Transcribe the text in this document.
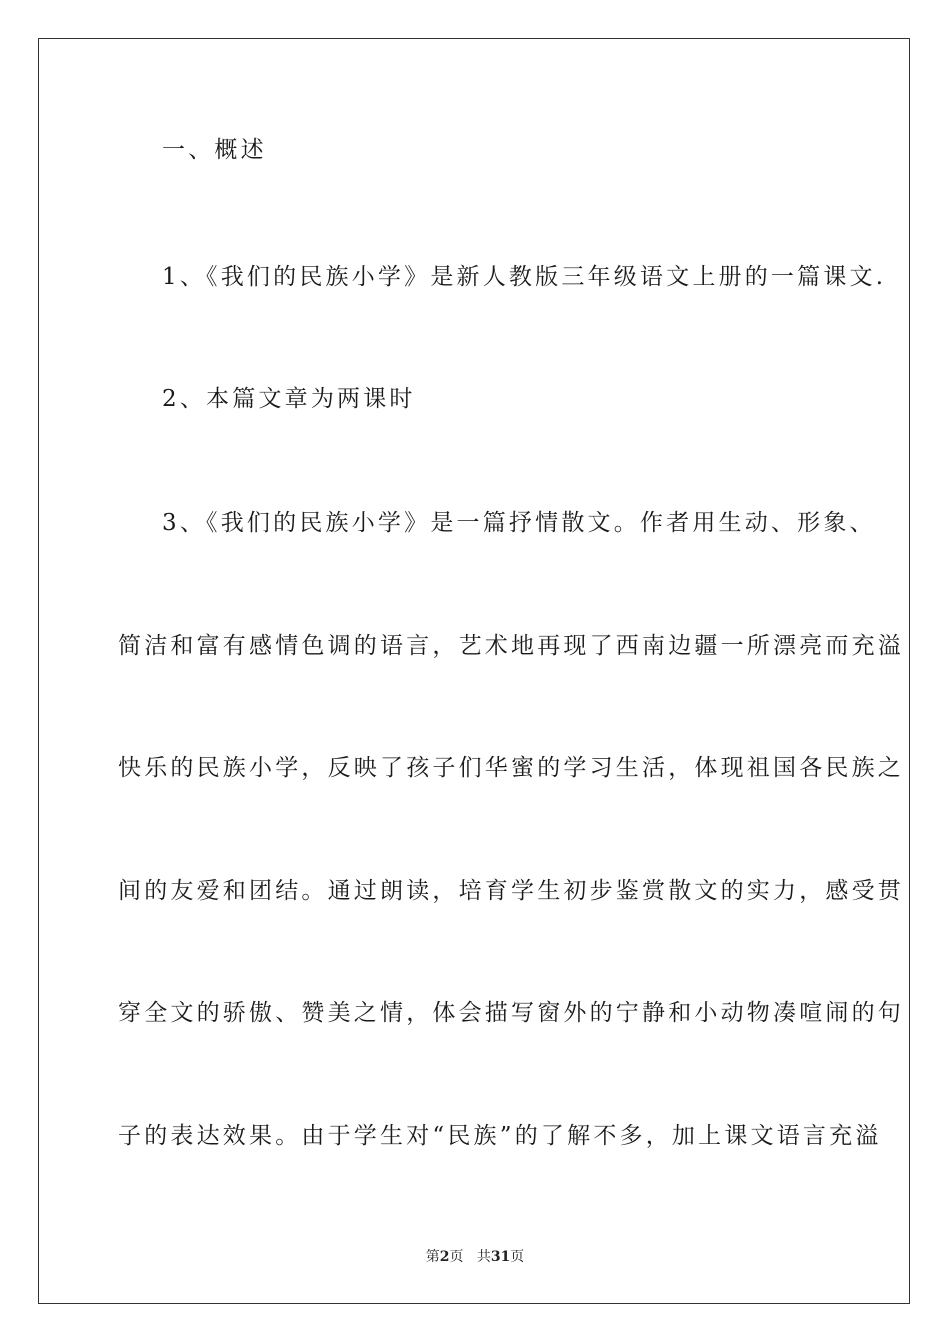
一、概述
1、《我们的民族小学》是新人教版三年级语文上册的一篇课文.
2、本篇文章为两课时
3、《我们的民族小学》是一篇抒情散文。作者用生动、形象、
简洁和富有感情色调的语言，艺术地再现了西南边疆一所漂亮而充溢
快乐的民族小学，反映了孩子们华蜜的学习生活，体现祖国各民族之
间的友爱和团结。通过朗读，培育学生初步鉴赏散文的实力，感受贯
穿全文的骄傲、赞美之情，体会描写窗外的宁静和小动物凑喧闹的句
子的表达效果。由于学生对“民族”的了解不多，加上课文语言充溢
第2页 共31页
